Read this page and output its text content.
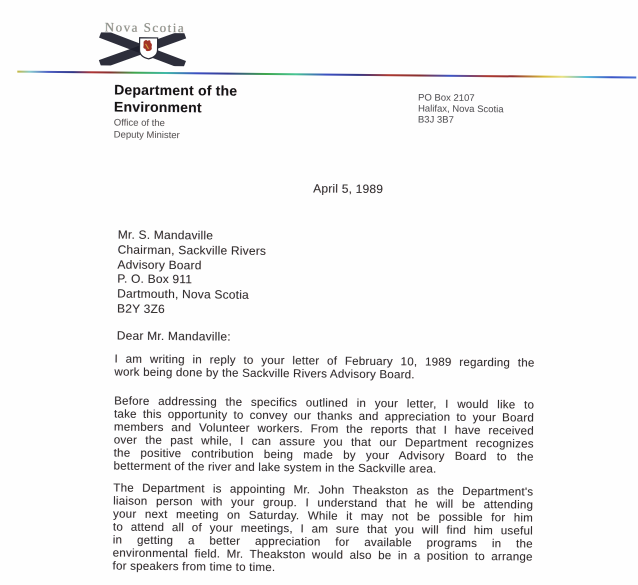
Nova Scotia
Department of the
Environment
Office of the
Deputy Minister
PO Box 2107
Halifax, Nova Scotia
B3J 3B7
April 5, 1989
Mr. S. Mandaville
Chairman, Sackville Rivers
Advisory Board
P. O. Box 911
Dartmouth, Nova Scotia
B2Y 3Z6
Dear Mr. Mandaville:
I am writing in reply to your letter of February 10, 1989 regarding the
work being done by the Sackville Rivers Advisory Board.
Before addressing the specifics outlined in your letter, I would like to
take this opportunity to convey our thanks and appreciation to your Board
members and Volunteer workers. From the reports that I have received
over the past while, I can assure you that our Department recognizes
the positive contribution being made by your Advisory Board to the
betterment of the river and lake system in the Sackville area.
The Department is appointing Mr. John Theakston as the Department's
liaison person with your group. I understand that he will be attending
your next meeting on Saturday. While it may not be possible for him
to attend all of your meetings, I am sure that you will find him useful
in getting a better appreciation for available programs in the
environmental field. Mr. Theakston would also be in a position to arrange
for speakers from time to time.
